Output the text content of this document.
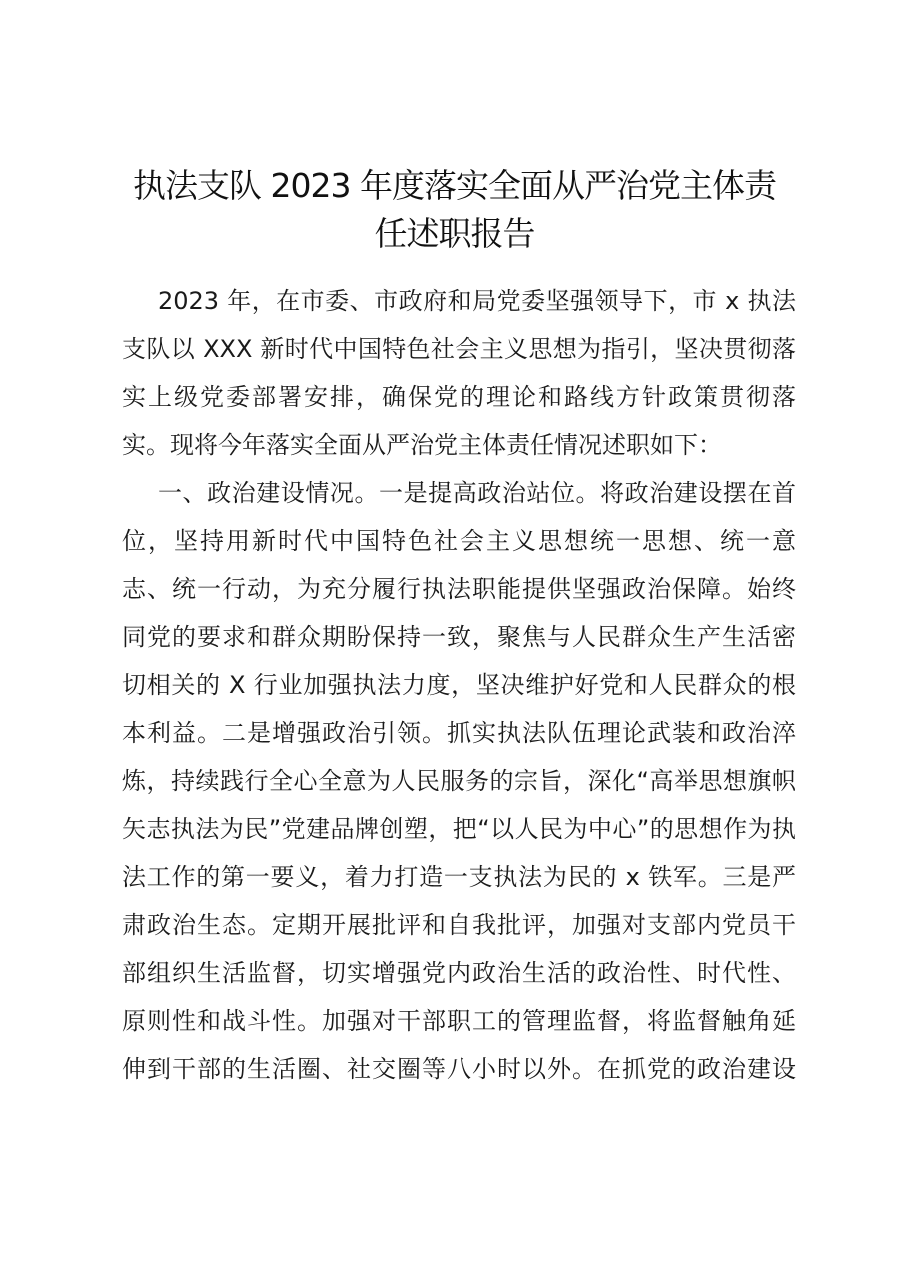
执法支队 2023 年度落实全面从严治党主体责
任述职报告
2023 年，在市委、市政府和局党委坚强领导下，市 x 执法
支队以 XXX 新时代中国特色社会主义思想为指引，坚决贯彻落
实上级党委部署安排，确保党的理论和路线方针政策贯彻落
实。现将今年落实全面从严治党主体责任情况述职如下：
一、政治建设情况。一是提高政治站位。将政治建设摆在首
位，坚持用新时代中国特色社会主义思想统一思想、统一意
志、统一行动，为充分履行执法职能提供坚强政治保障。始终
同党的要求和群众期盼保持一致，聚焦与人民群众生产生活密
切相关的 X 行业加强执法力度，坚决维护好党和人民群众的根
本利益。二是增强政治引领。抓实执法队伍理论武装和政治淬
炼，持续践行全心全意为人民服务的宗旨，深化“高举思想旗帜
矢志执法为民”党建品牌创塑，把“以人民为中心”的思想作为执
法工作的第一要义，着力打造一支执法为民的 x 铁军。三是严
肃政治生态。定期开展批评和自我批评，加强对支部内党员干
部组织生活监督，切实增强党内政治生活的政治性、时代性、
原则性和战斗性。加强对干部职工的管理监督，将监督触角延
伸到干部的生活圈、社交圈等八小时以外。在抓党的政治建设
